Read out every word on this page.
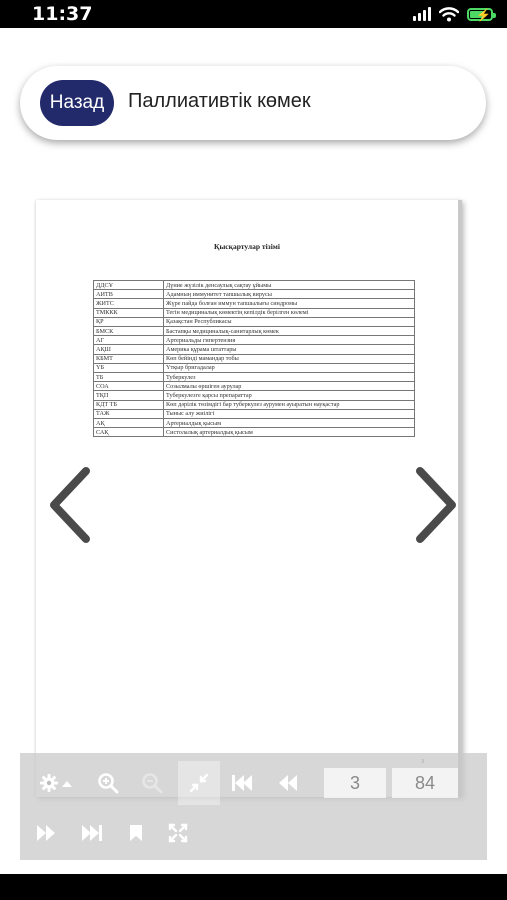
11:37	⚡
Назад	Паллиативтік көмек
Қысқартулар тізімі
ДДСҰ	Дүние жүзілік денсаулық сақтау ұйымы
АИТВ	Адамның иммунитет тапшылық вирусы
ЖИТС	Жүре пайда болған иммун тапшылығы синдромы
ТМККК	Тегін медициналық көмектің кепілдік берілген көлемі
ҚР	Қазақстан Республикасы
БМСК	Бастапқы медициналық-санитарлық көмек
АГ	Артериальды гипертензия
АҚШ	Америка құрама штаттары
КБМТ	Көп бейінді мамандар тобы
ҮБ	Үтқыр бригадалар
ТБ	Туберкулез
СОА	Созылмалы өршіген аурулар
ТҚП	Туберкулезге қарсы препараттар
КДТ ТБ	Көп дәрілік төзімдігі бар туберкулез аурумен ауыратын науқастар
ТАЖ	Тыныс алу жиілігі
АҚ	Артериалдық қысым
САҚ	Систолалық артериалдық қысым
3	84
